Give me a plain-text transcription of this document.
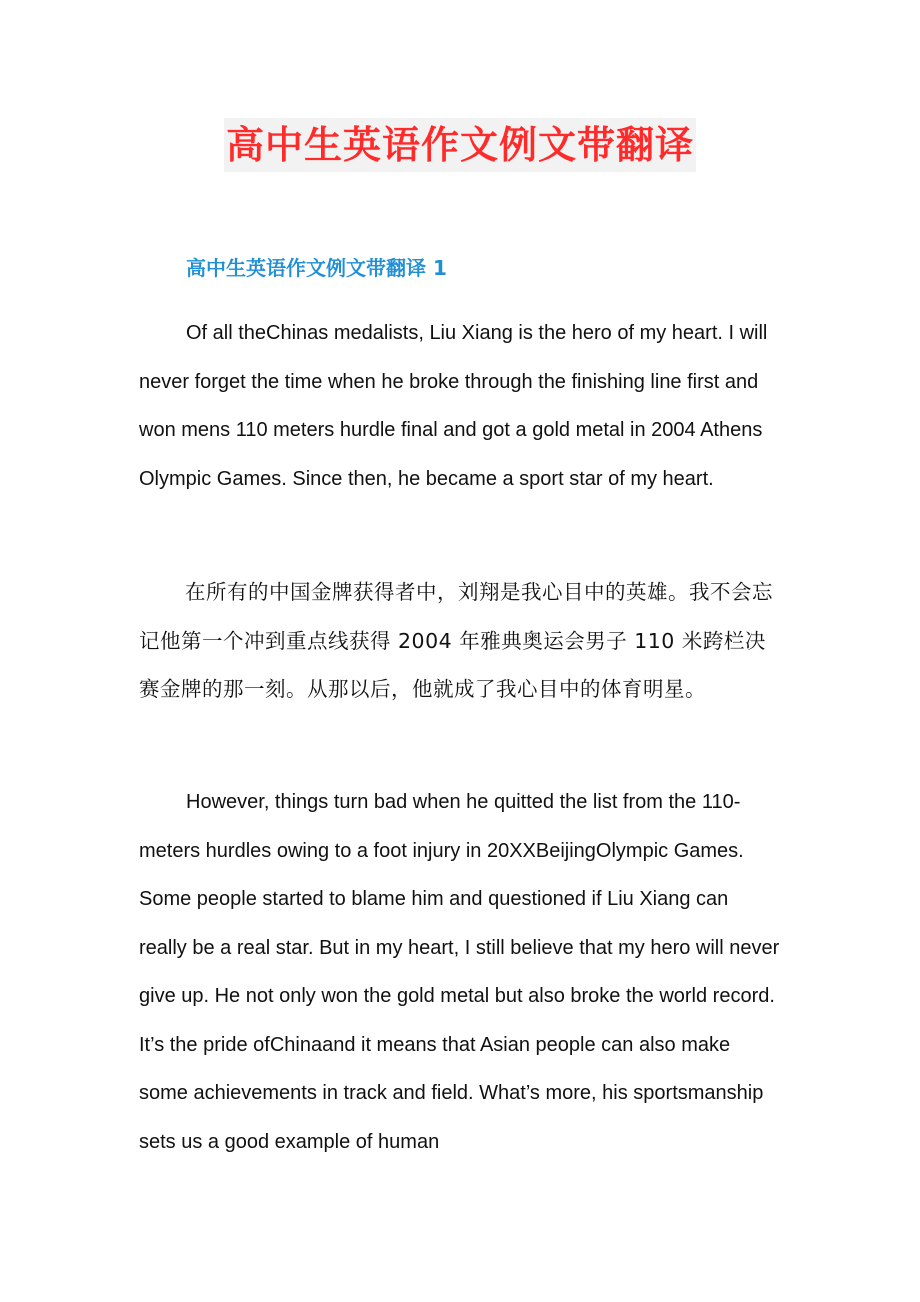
高中生英语作文例文带翻译
高中生英语作文例文带翻译 1

Of all theChinas medalists, Liu Xiang is the hero of my heart. I will never forget the time when he broke through the finishing line first and won mens 110 meters hurdle final and got a gold metal in 2004 Athens Olympic Games. Since then, he became a sport star of my heart.

在所有的中国金牌获得者中，刘翔是我心目中的英雄。我不会忘记他第一个冲到重点线获得 2004 年雅典奥运会男子 110 米跨栏决赛金牌的那一刻。从那以后，他就成了我心目中的体育明星。

However, things turn bad when he quitted the list from the 110-meters hurdles owing to a foot injury in 20XXBeijingOlympic Games. Some people started to blame him and questioned if Liu Xiang can really be a real star. But in my heart, I still believe that my hero will never give up. He not only won the gold metal but also broke the world record. It’s the pride ofChinaand it means that Asian people can also make some achievements in track and field. What’s more, his sportsmanship sets us a good example of human
